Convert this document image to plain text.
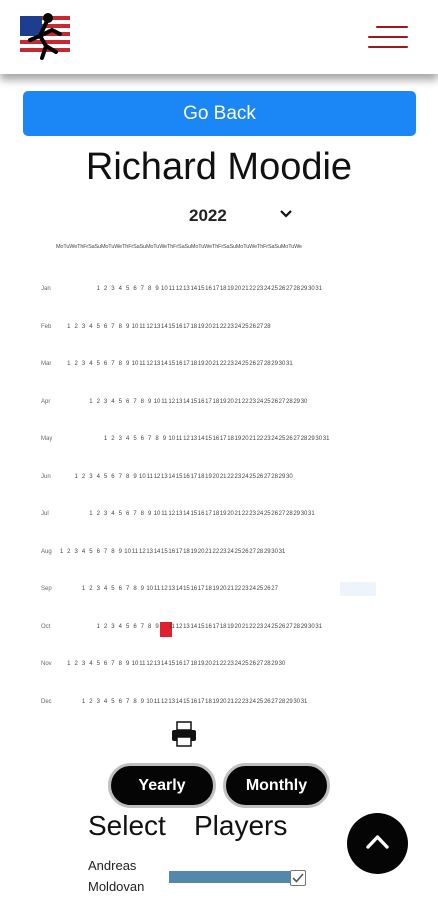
Go Back
Richard Moodie
2022
MoTuWeThFrSaSuMoTuWeThFrSaSuMoTuWeThFrSaSuMoTuWeThFrSaSuMoTuWeThFrSaSuMoTuWe
Jan	1 2 3 4 5 6 7 8 9 10 11 12 13 14 15 16 17 18 19 20 21 22 23 24 25 26 27 28 29 30 31
Feb	1 2 3 4 5 6 7 8 9 10 11 12 13 14 15 16 17 18 19 20 21 22 23 24 25 26 27 28
Mar	1 2 3 4 5 6 7 8 9 10 11 12 13 14 15 16 17 18 19 20 21 22 23 24 25 26 27 28 29 30 31
Apr	1 2 3 4 5 6 7 8 9 10 11 12 13 14 15 16 17 18 19 20 21 22 23 24 25 26 27 28 29 30
May	1 2 3 4 5 6 7 8 9 10 11 12 13 14 15 16 17 18 19 20 21 22 23 24 25 26 27 28 29 30 31
Jun	1 2 3 4 5 6 7 8 9 10 11 12 13 14 15 16 17 18 19 20 21 22 23 24 25 26 27 28 29 30
Jul	1 2 3 4 5 6 7 8 9 10 11 12 13 14 15 16 17 18 19 20 21 22 23 24 25 26 27 28 29 30 31
Aug	1 2 3 4 5 6 7 8 9 10 11 12 13 14 15 16 17 18 19 20 21 22 23 24 25 26 27 28 29 30 31
Sep	1 2 3 4 5 6 7 8 9 10 11 12 13 14 15 16 17 18 19 20 21 22 23 24 25 26 27
Oct	1 2 3 4 5 6 7 8 9	11 12 13 14 15 16 17 18 19 20 21 22 23 24 25 26 27 28 29 30 31
Nov	1 2 3 4 5 6 7 8 9 10 11 12 13 14 15 16 17 18 19 20 21 22 23 24 25 26 27 28 29 30
Dec	1 2 3 4 5 6 7 8 9 10 11 12 13 14 15 16 17 18 19 20 21 22 23 24 25 26 27 28 29 30 31
Yearly	Monthly
Select Players
Andreas Moldovan
